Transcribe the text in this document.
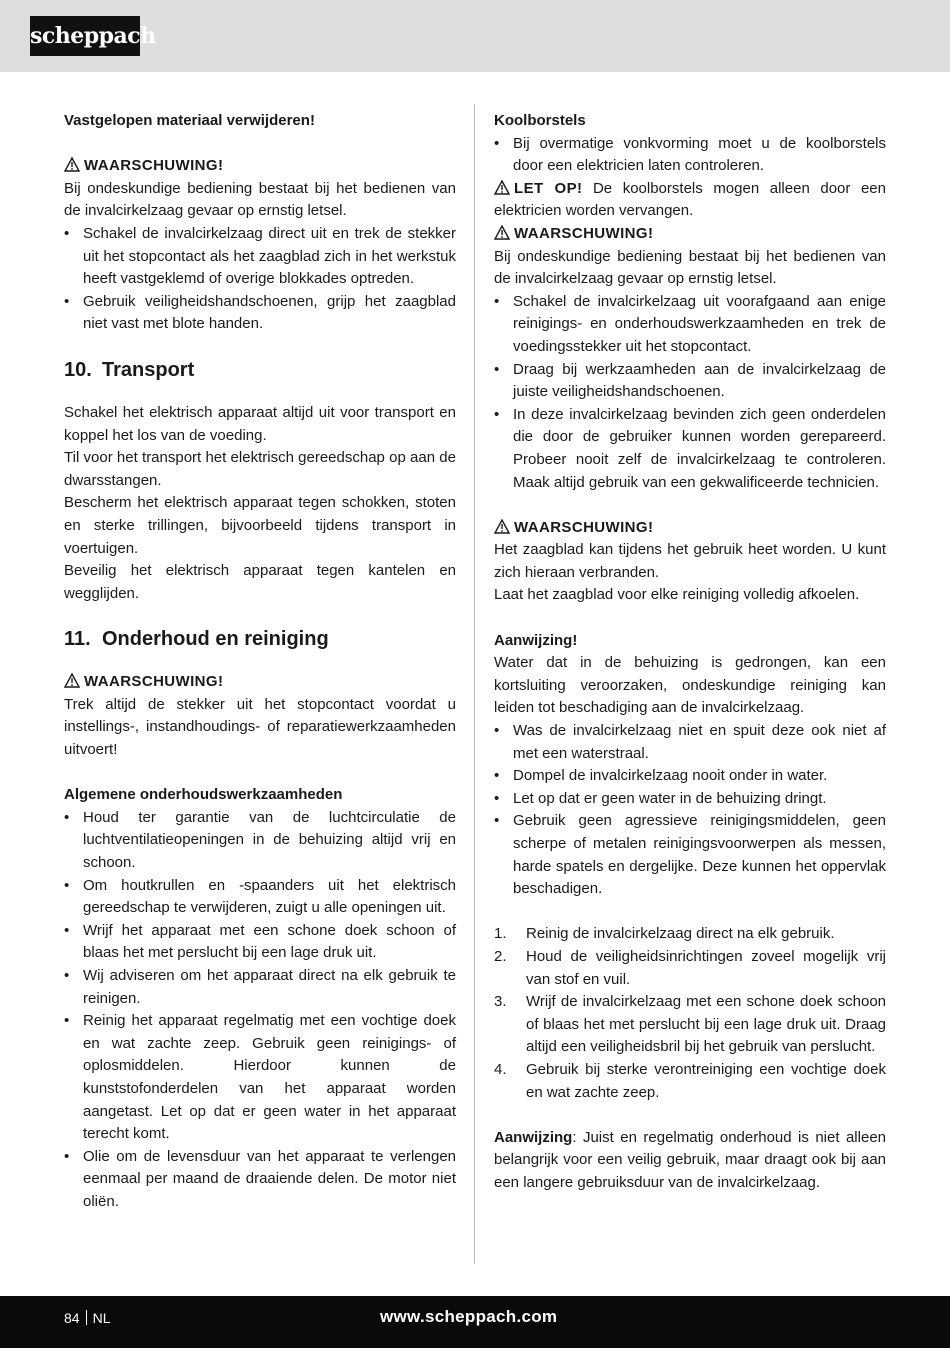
scheppach
Vastgelopen materiaal verwijderen!
WAARSCHUWING!
Bij ondeskundige bediening bestaat bij het bedienen van de invalcirkelzaag gevaar op ernstig letsel.
• Schakel de invalcirkelzaag direct uit en trek de stekker uit het stopcontact als het zaagblad zich in het werkstuk heeft vastgeklemd of overige blokkades optreden.
• Gebruik veiligheidshandschoenen, grijp het zaagblad niet vast met blote handen.
10. Transport
Schakel het elektrisch apparaat altijd uit voor transport en koppel het los van de voeding.
Til voor het transport het elektrisch gereedschap op aan de dwarsstangen.
Bescherm het elektrisch apparaat tegen schokken, stoten en sterke trillingen, bijvoorbeeld tijdens transport in voertuigen.
Beveilig het elektrisch apparaat tegen kantelen en wegglijden.
11. Onderhoud en reiniging
WAARSCHUWING!
Trek altijd de stekker uit het stopcontact voordat u instellings-, instandhoudings- of reparatiewerkzaamheden uitvoert!
Algemene onderhoudswerkzaamheden
• Houd ter garantie van de luchtcirculatie de luchtventilatieopeningen in de behuizing altijd vrij en schoon.
• Om houtkrullen en -spaanders uit het elektrisch gereedschap te verwijderen, zuigt u alle openingen uit.
• Wrijf het apparaat met een schone doek schoon of blaas het met perslucht bij een lage druk uit.
• Wij adviseren om het apparaat direct na elk gebruik te reinigen.
• Reinig het apparaat regelmatig met een vochtige doek en wat zachte zeep. Gebruik geen reinigings- of oplosmiddelen. Hierdoor kunnen de kunststofonderdelen van het apparaat worden aangetast. Let op dat er geen water in het apparaat terecht komt.
• Olie om de levensduur van het apparaat te verlengen eenmaal per maand de draaiende delen. De motor niet oliën.
Koolborstels
• Bij overmatige vonkvorming moet u de koolborstels door een elektricien laten controleren.
LET OP! De koolborstels mogen alleen door een elektricien worden vervangen.
WAARSCHUWING!
Bij ondeskundige bediening bestaat bij het bedienen van de invalcirkelzaag gevaar op ernstig letsel.
• Schakel de invalcirkelzaag uit voorafgaand aan enige reinigings- en onderhoudswerkzaamheden en trek de voedingsstekker uit het stopcontact.
• Draag bij werkzaamheden aan de invalcirkelzaag de juiste veiligheidshandschoenen.
• In deze invalcirkelzaag bevinden zich geen onderdelen die door de gebruiker kunnen worden gerepareerd. Probeer nooit zelf de invalcirkelzaag te controleren. Maak altijd gebruik van een gekwalificeerde technicien.
WAARSCHUWING!
Het zaagblad kan tijdens het gebruik heet worden. U kunt zich hieraan verbranden.
Laat het zaagblad voor elke reiniging volledig afkoelen.
Aanwijzing!
Water dat in de behuizing is gedrongen, kan een kortsluiting veroorzaken, ondeskundige reiniging kan leiden tot beschadiging aan de invalcirkelzaag.
• Was de invalcirkelzaag niet en spuit deze ook niet af met een waterstraal.
• Dompel de invalcirkelzaag nooit onder in water.
• Let op dat er geen water in de behuizing dringt.
• Gebruik geen agressieve reinigingsmiddelen, geen scherpe of metalen reinigingsvoorwerpen als messen, harde spatels en dergelijke. Deze kunnen het oppervlak beschadigen.
1. Reinig de invalcirkelzaag direct na elk gebruik.
2. Houd de veiligheidsinrichtingen zoveel mogelijk vrij van stof en vuil.
3. Wrijf de invalcirkelzaag met een schone doek schoon of blaas het met perslucht bij een lage druk uit. Draag altijd een veiligheidsbril bij het gebruik van perslucht.
4. Gebruik bij sterke verontreiniging een vochtige doek en wat zachte zeep.
Aanwijzing: Juist en regelmatig onderhoud is niet alleen belangrijk voor een veilig gebruik, maar draagt ook bij aan een langere gebruiksduur van de invalcirkelzaag.
84 NL	www.scheppach.com
